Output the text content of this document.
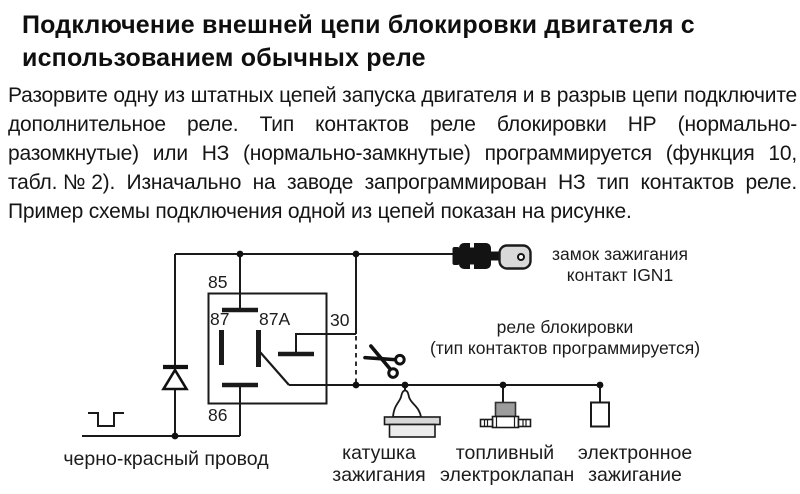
Подключение внешней цепи блокировки двигателя с
использованием обычных реле

Разорвите одну из штатных цепей запуска двигателя и в разрыв цепи подключите дополнительное реле. Тип контактов реле блокировки НР (нормально-разомкнутые) или НЗ (нормально-замкнутые) программируется (функция 10, табл.№2). Изначально на заводе запрограммирован НЗ тип контактов реле. Пример схемы подключения одной из цепей показан на рисунке.

85
87 87A 30
86
замок зажигания
контакт IGN1
реле блокировки
(тип контактов программируется)
черно-красный провод	катушка
зажигания
топливный
электроклапан
электронное
зажигание
